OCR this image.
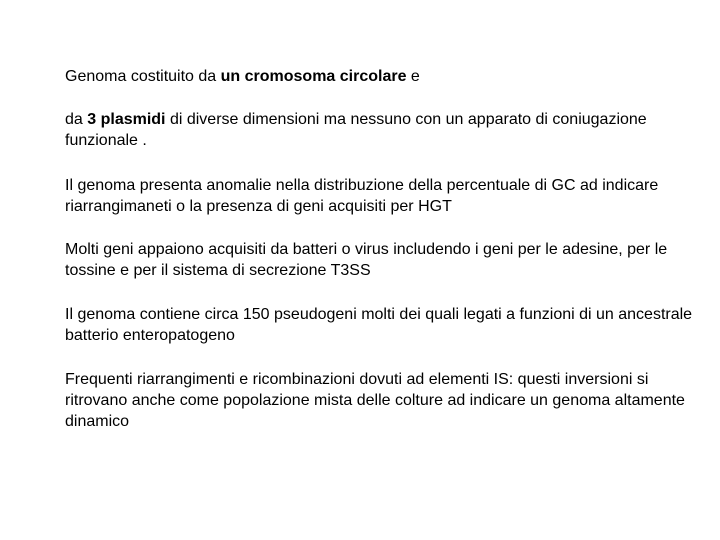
Genoma costituito da un cromosoma circolare e

da 3 plasmidi di diverse dimensioni ma nessuno con un apparato di coniugazione funzionale .

Il genoma presenta anomalie nella distribuzione della percentuale di GC ad indicare riarrangimaneti o la presenza di geni acquisiti per HGT

Molti geni appaiono acquisiti da batteri o virus includendo i geni per le adesine, per le tossine e per il sistema di secrezione T3SS

Il genoma contiene circa 150 pseudogeni molti dei quali legati a funzioni di un ancestrale batterio enteropatogeno

Frequenti riarrangimenti e ricombinazioni dovuti ad elementi IS: questi inversioni si ritrovano anche come popolazione mista delle colture ad indicare un genoma altamente dinamico
